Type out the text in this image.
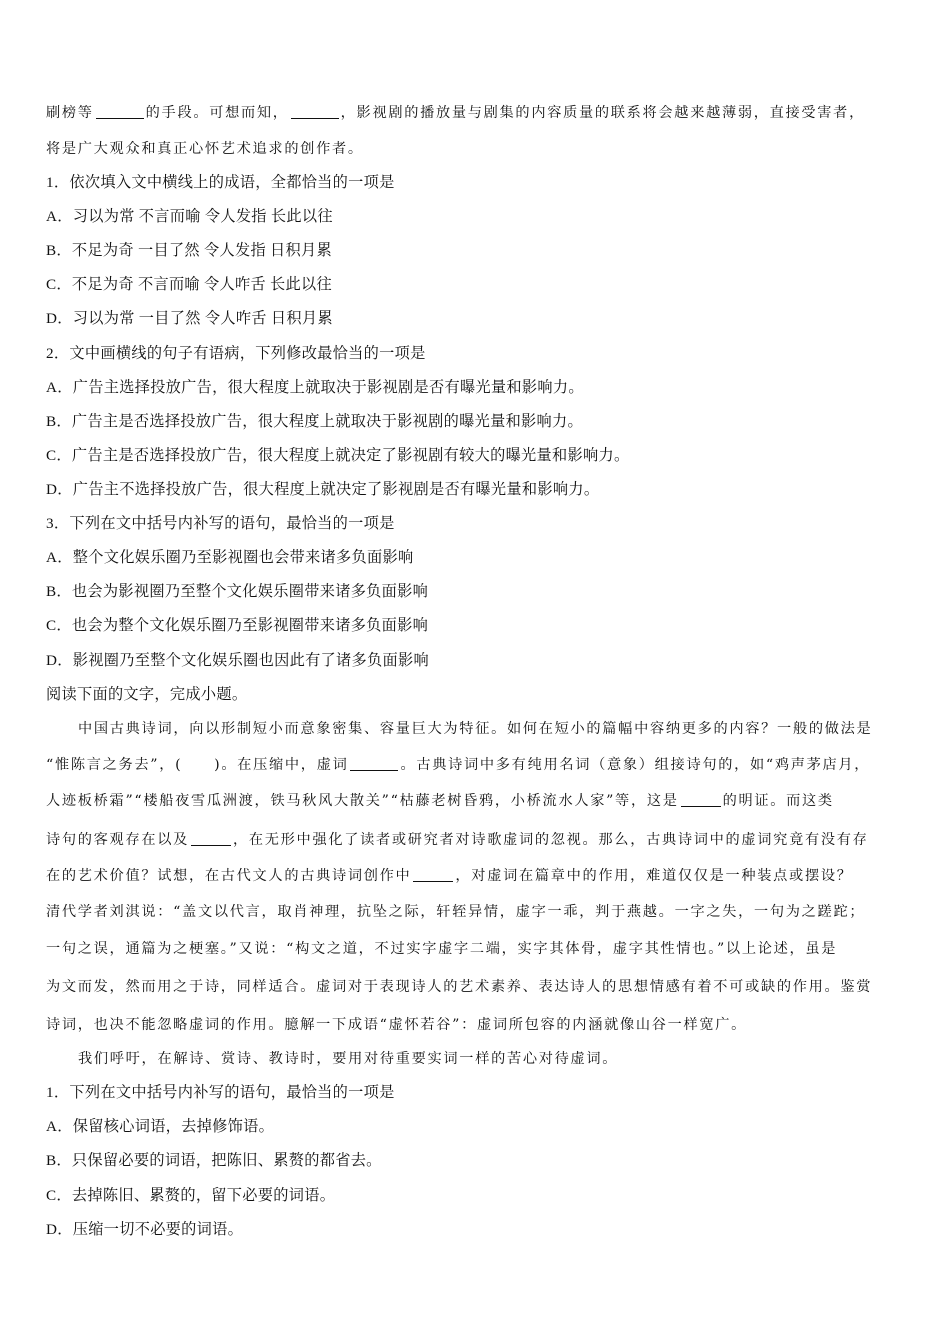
刷榜等	的手段。可想而知，	，影视剧的播放量与剧集的内容质量的联系将会越来越薄弱，直接受害者，
将是广大观众和真正心怀艺术追求的创作者。
1．依次填入文中横线上的成语，全都恰当的一项是
A．习以为常 不言而喻 令人发指 长此以往
B．不足为奇 一目了然 令人发指 日积月累
C．不足为奇 不言而喻 令人咋舌 长此以往
D．习以为常 一目了然 令人咋舌 日积月累
2．文中画横线的句子有语病，下列修改最恰当的一项是
A．广告主选择投放广告，很大程度上就取决于影视剧是否有曝光量和影响力。
B．广告主是否选择投放广告，很大程度上就取决于影视剧的曝光量和影响力。
C．广告主是否选择投放广告，很大程度上就决定了影视剧有较大的曝光量和影响力。
D．广告主不选择投放广告，很大程度上就决定了影视剧是否有曝光量和影响力。
3．下列在文中括号内补写的语句，最恰当的一项是
A．整个文化娱乐圈乃至影视圈也会带来诸多负面影响
B．也会为影视圈乃至整个文化娱乐圈带来诸多负面影响
C．也会为整个文化娱乐圈乃至影视圈带来诸多负面影响
D．影视圈乃至整个文化娱乐圈也因此有了诸多负面影响
阅读下面的文字，完成小题。
中国古典诗词，向以形制短小而意象密集、容量巨大为特征。如何在短小的篇幅中容纳更多的内容？一般的做法是
“惟陈言之务去”，(　　)。在压缩中，虚词	。古典诗词中多有纯用名词（意象）组接诗句的，如“鸡声茅店月，
人迹板桥霜”“楼船夜雪瓜洲渡，铁马秋风大散关”“枯藤老树昏鸦，小桥流水人家”等，这是	的明证。而这类
诗句的客观存在以及	，在无形中强化了读者或研究者对诗歌虚词的忽视。那么，古典诗词中的虚词究竟有没有存
在的艺术价值？试想，在古代文人的古典诗词创作中	，对虚词在篇章中的作用，难道仅仅是一种装点或摆设？
清代学者刘淇说：“盖文以代言，取肖神理，抗坠之际，轩轾异情，虚字一乖，判于燕越。一字之失，一句为之蹉跎；
一句之误，通篇为之梗塞。”又说：“构文之道，不过实字虚字二端，实字其体骨，虚字其性情也。”以上论述，虽是
为文而发，然而用之于诗，同样适合。虚词对于表现诗人的艺术素养、表达诗人的思想情感有着不可或缺的作用。鉴赏
诗词，也决不能忽略虚词的作用。臆解一下成语“虚怀若谷”：虚词所包容的内涵就像山谷一样宽广。
我们呼吁，在解诗、赏诗、教诗时，要用对待重要实词一样的苦心对待虚词。
1．下列在文中括号内补写的语句，最恰当的一项是
A．保留核心词语，去掉修饰语。
B．只保留必要的词语，把陈旧、累赘的都省去。
C．去掉陈旧、累赘的，留下必要的词语。
D．压缩一切不必要的词语。
